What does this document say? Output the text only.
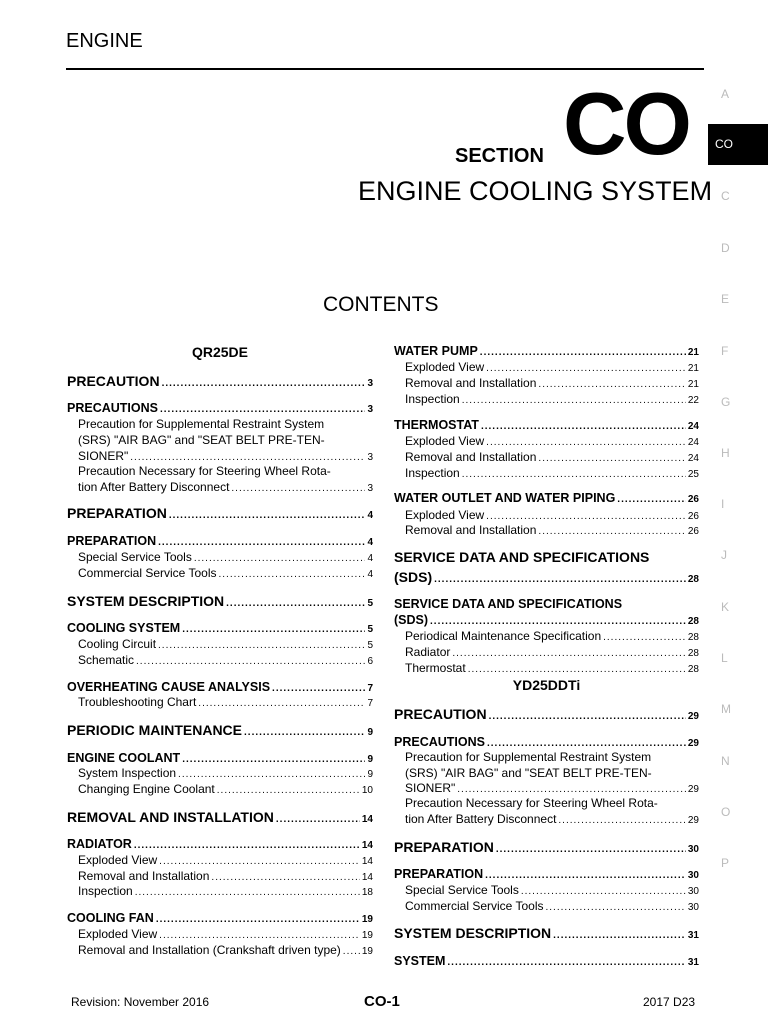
ENGINE
SECTION CO
ENGINE COOLING SYSTEM
CONTENTS
A
C
D
E
F
G
H
I
J
K
L
M
N
O
P
CO
QR25DE
PRECAUTION .....	3
PRECAUTIONS .....	3
Precaution for Supplemental Restraint System
(SRS) "AIR BAG" and "SEAT BELT PRE-TEN-
SIONER" .....	3
Precaution Necessary for Steering Wheel Rota-
tion After Battery Disconnect .....	3
PREPARATION .....	4
PREPARATION .....	4
Special Service Tools .....	4
Commercial Service Tools .....	4
SYSTEM DESCRIPTION .....	5
COOLING SYSTEM .....	5
Cooling Circuit .....	5
Schematic .....	6
OVERHEATING CAUSE ANALYSIS .....	7
Troubleshooting Chart .....	7
PERIODIC MAINTENANCE .....	9
ENGINE COOLANT .....	9
System Inspection .....	9
Changing Engine Coolant .....	10
REMOVAL AND INSTALLATION .....	14
RADIATOR .....	14
Exploded View .....	14
Removal and Installation .....	14
Inspection .....	18
COOLING FAN .....	19
Exploded View .....	19
Removal and Installation (Crankshaft driven type) ..... 19
WATER PUMP .....	21
Exploded View .....	21
Removal and Installation .....	21
Inspection .....	22
THERMOSTAT .....	24
Exploded View .....	24
Removal and Installation .....	24
Inspection .....	25
WATER OUTLET AND WATER PIPING .....	26
Exploded View .....	26
Removal and Installation .....	26
SERVICE DATA AND SPECIFICATIONS
(SDS) .....	28
SERVICE DATA AND SPECIFICATIONS
(SDS) .....	28
Periodical Maintenance Specification .....	28
Radiator .....	28
Thermostat .....	28
YD25DDTi
PRECAUTION .....	29
PRECAUTIONS .....	29
Precaution for Supplemental Restraint System
(SRS) "AIR BAG" and "SEAT BELT PRE-TEN-
SIONER" .....	29
Precaution Necessary for Steering Wheel Rota-
tion After Battery Disconnect .....	29
PREPARATION .....	30
PREPARATION .....	30
Special Service Tools .....	30
Commercial Service Tools .....	30
SYSTEM DESCRIPTION .....	31
SYSTEM .....	31
Revision: November 2016	CO-1	2017 D23
